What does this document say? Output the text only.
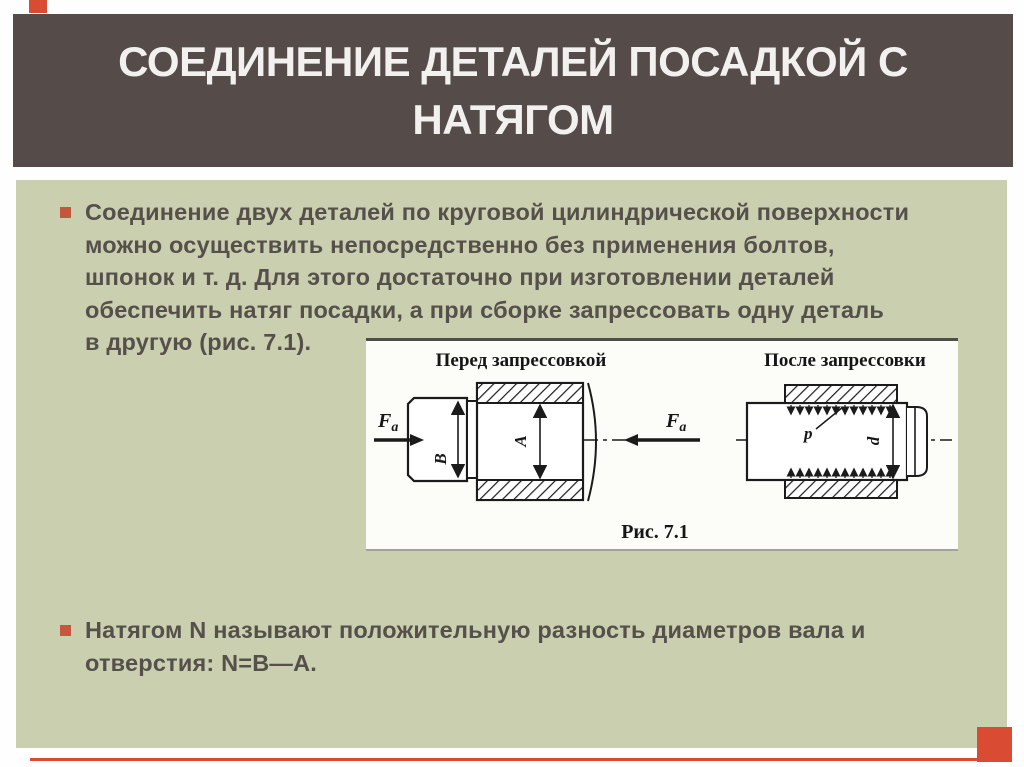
СОЕДИНЕНИЕ ДЕТАЛЕЙ ПОСАДКОЙ С
НАТЯГОМ
Соединение двух деталей по круговой цилиндрической поверхности
можно осуществить непосредственно без применения болтов,
шпонок и т. д. Для этого достаточно при изготовлении деталей
обеспечить натяг посадки, а при сборке запрессовать одну деталь
в другую (рис. 7.1).
Перед запрессовкой
B
A
$F_a$	$F_a$
После запрессовки
p	d
Рис. 7.1
Натягом N называют положительную разность диаметров вала и
отверстия: N=B—А.
